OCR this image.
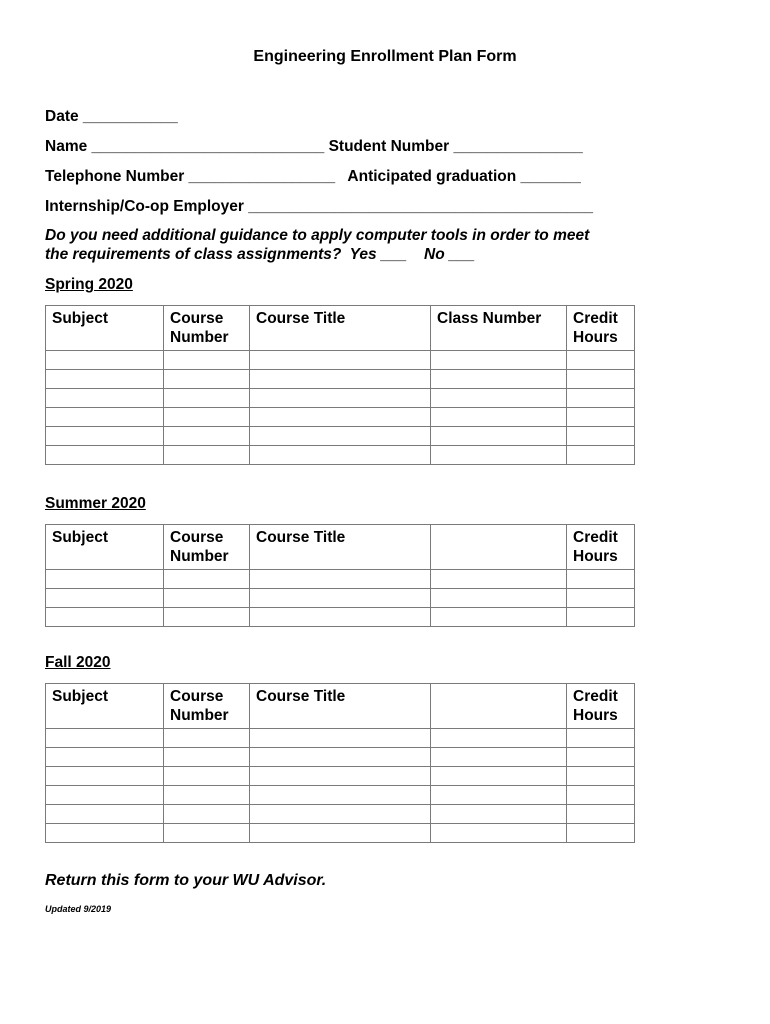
Engineering Enrollment Plan Form
Date ___________
Name ___________________________ Student Number _______________
Telephone Number _________________   Anticipated graduation _______
Internship/Co-op Employer ________________________________________
Do you need additional guidance to apply computer tools in order to meet
the requirements of class assignments?  Yes ___    No ___
Spring 2020
Subject	Course Number	Course Title	Class Number	Credit Hours

Summer 2020
Subject	Course Number	Course Title		Credit Hours

Fall 2020
Subject	Course Number	Course Title		Credit Hours

Return this form to your WU Advisor.
Updated 9/2019
